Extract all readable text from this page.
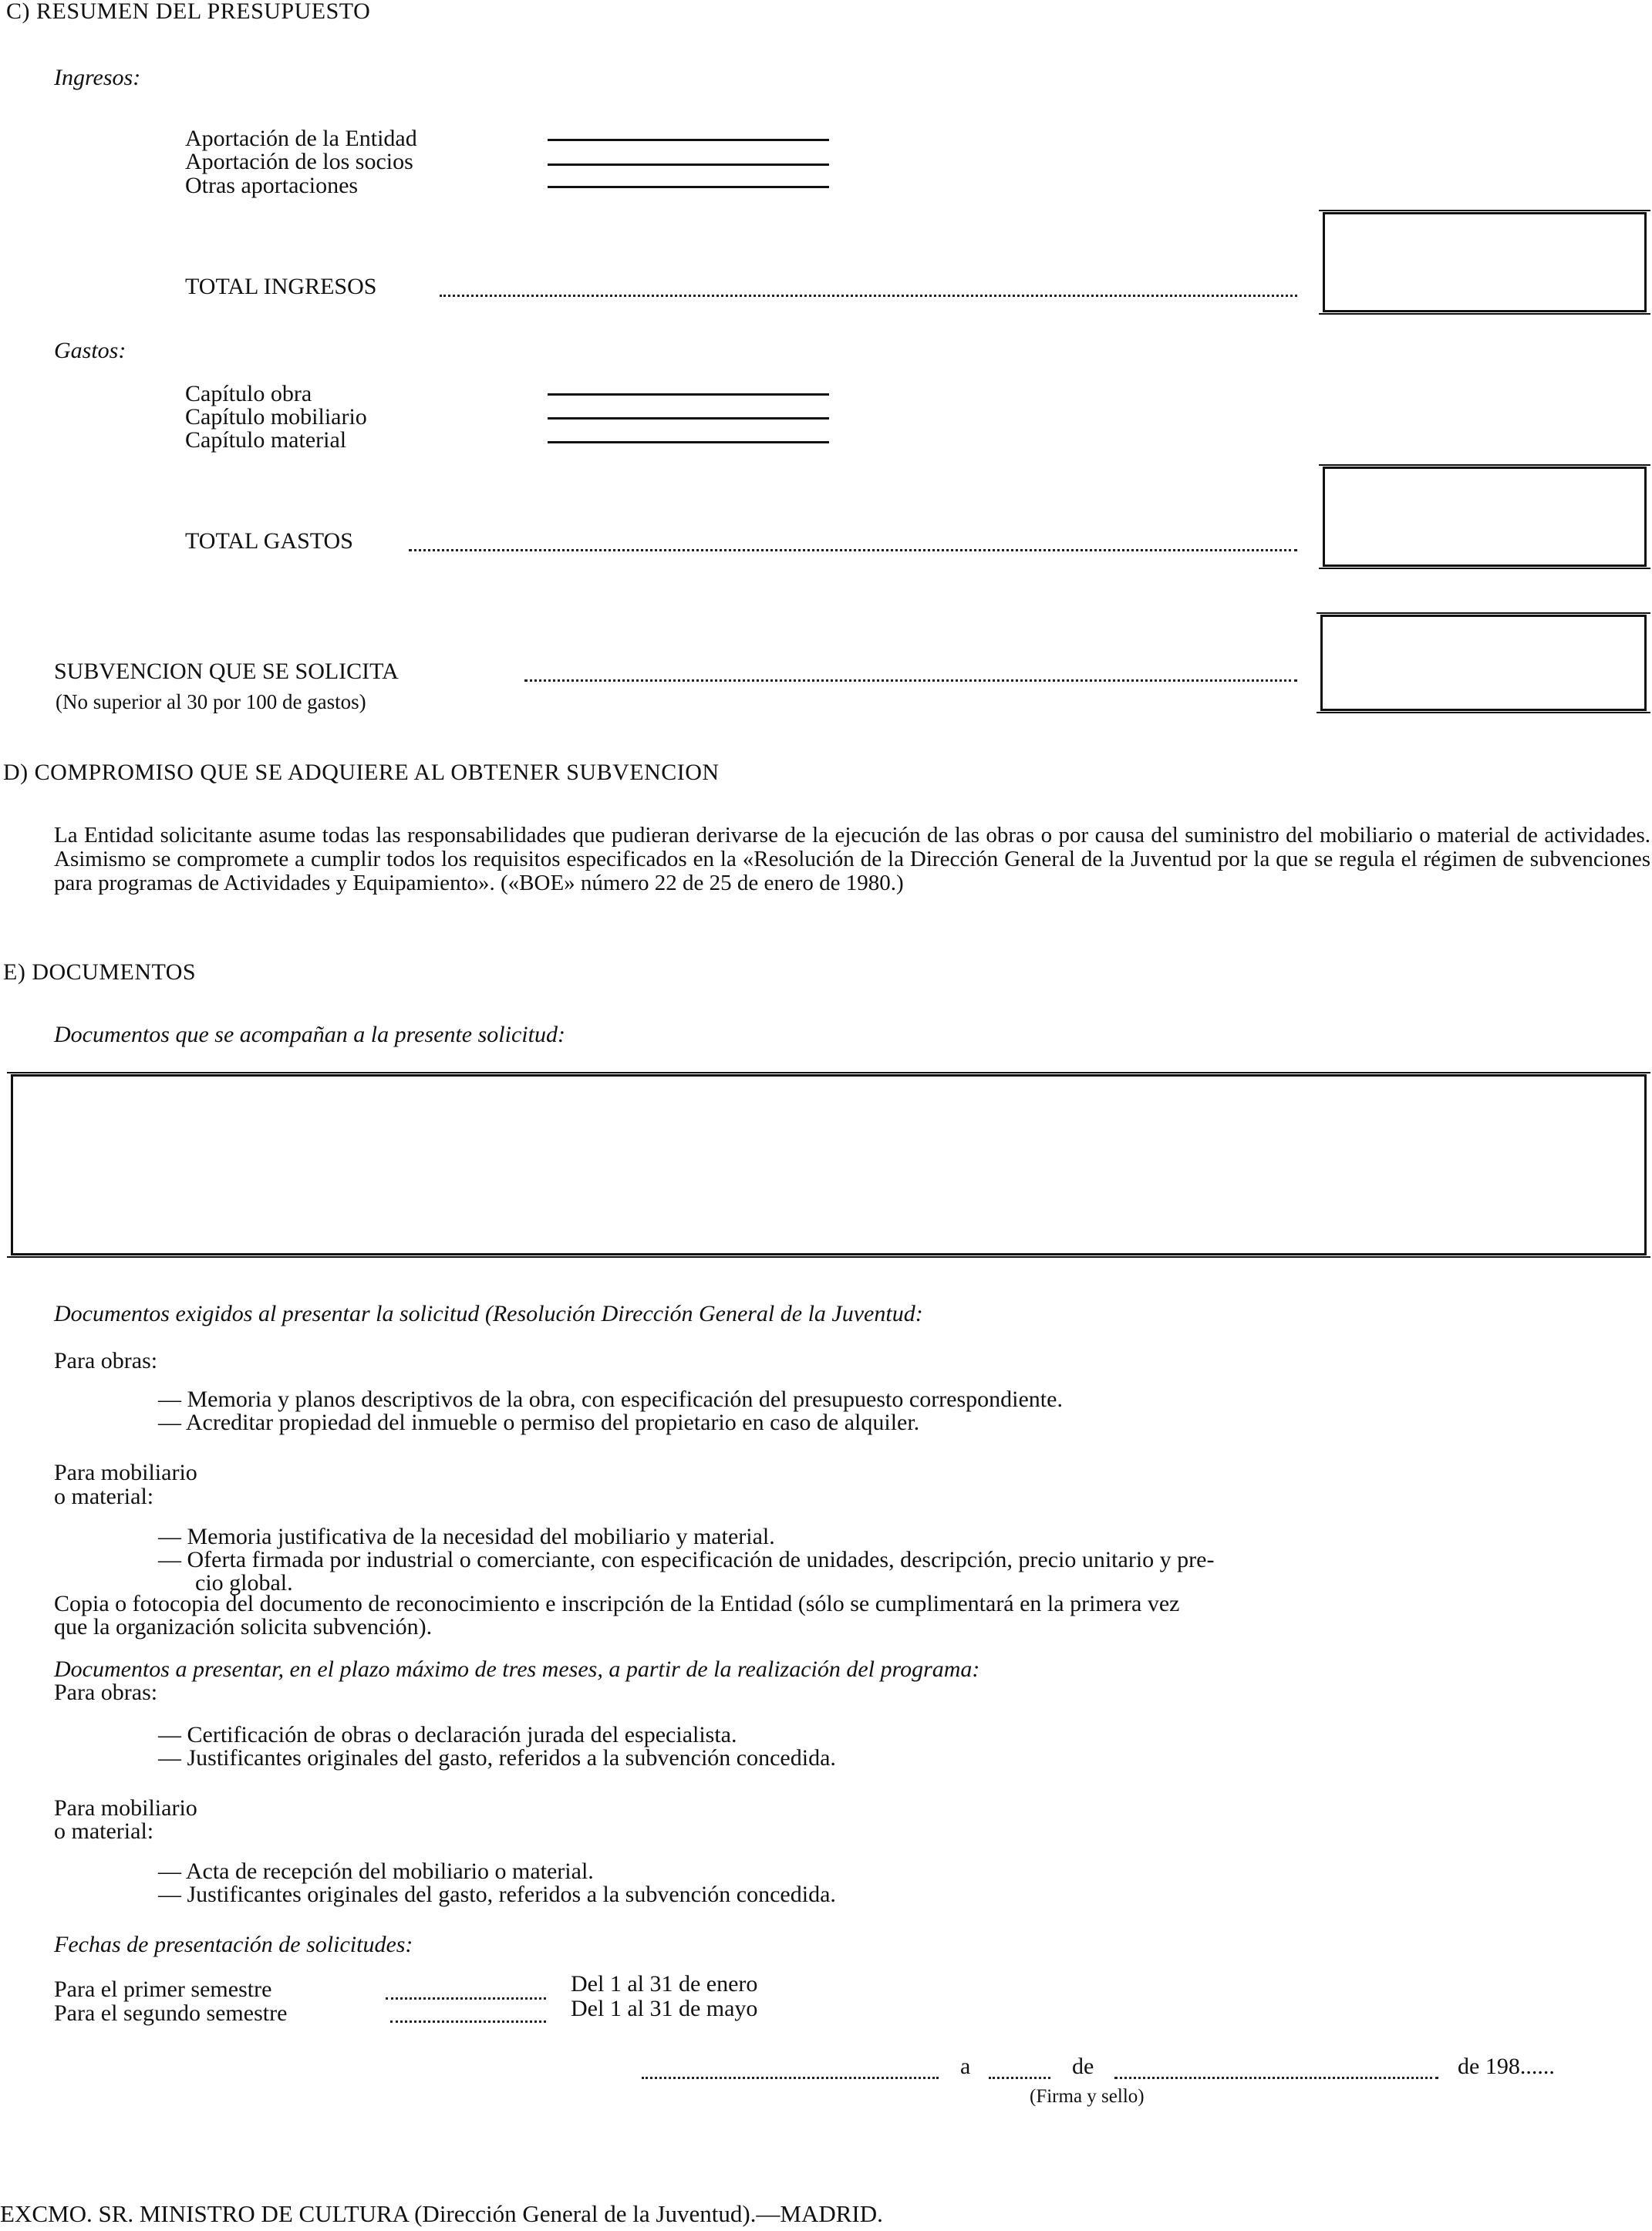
C) RESUMEN DEL PRESUPUESTO
Ingresos:
Aportación de la Entidad
Aportación de los socios
Otras aportaciones
TOTAL INGRESOS
Gastos:
Capítulo obra
Capítulo mobiliario
Capítulo material
TOTAL GASTOS
SUBVENCION QUE SE SOLICITA
(No superior al 30 por 100 de gastos)
D) COMPROMISO QUE SE ADQUIERE AL OBTENER SUBVENCION
La Entidad solicitante asume todas las responsabilidades que pudieran derivarse de la ejecución de las obras o por causa del suministro del mobiliario o material de actividades. Asimismo se compromete a cumplir todos los requisitos especificados en la «Resolución de la Dirección General de la Juventud por la que se regula el régimen de subvenciones para programas de Actividades y Equipamiento». («BOE» número 22 de 25 de enero de 1980.)
E) DOCUMENTOS
Documentos que se acompañan a la presente solicitud:
Documentos exigidos al presentar la solicitud (Resolución Dirección General de la Juventud:
Para obras:
— Memoria y planos descriptivos de la obra, con especificación del presupuesto correspondiente.
— Acreditar propiedad del inmueble o permiso del propietario en caso de alquiler.
Para mobiliario
o material:
— Memoria justificativa de la necesidad del mobiliario y material.
— Oferta firmada por industrial o comerciante, con especificación de unidades, descripción, precio unitario y pre-
cio global.
Copia o fotocopia del documento de reconocimiento e inscripción de la Entidad (sólo se cumplimentará en la primera vez
que la organización solicita subvención).
Documentos a presentar, en el plazo máximo de tres meses, a partir de la realización del programa:
Para obras:
— Certificación de obras o declaración jurada del especialista.
— Justificantes originales del gasto, referidos a la subvención concedida.
Para mobiliario
o material:
— Acta de recepción del mobiliario o material.
— Justificantes originales del gasto, referidos a la subvención concedida.
Fechas de presentación de solicitudes:
Para el primer semestre	Del 1 al 31 de enero
Para el segundo semestre	Del 1 al 31 de mayo
a	de	de 198......
(Firma y sello)
EXCMO. SR. MINISTRO DE CULTURA (Dirección General de la Juventud).—MADRID.
